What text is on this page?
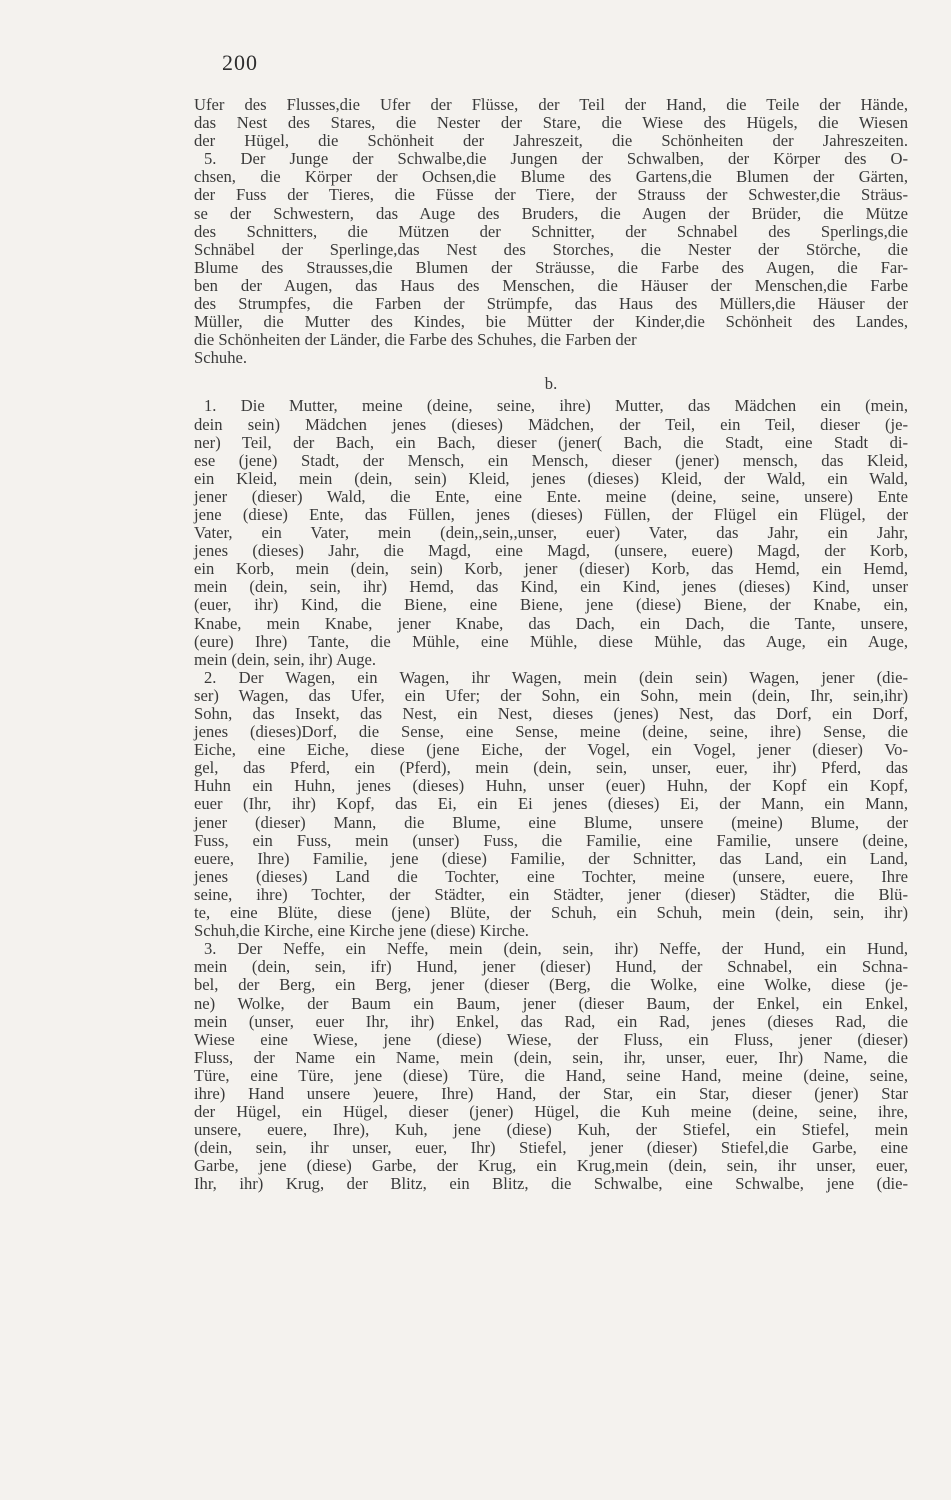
200
Ufer des Flusses,die Ufer der Flüsse, der Teil der Hand, die Teile der Hände,
das Nest des Stares, die Nester der Stare, die Wiese des Hügels, die Wiesen
der Hügel, die Schönheit der Jahreszeit, die Schönheiten der Jahreszeiten.
5. Der Junge der Schwalbe,die Jungen der Schwalben, der Körper des O-
chsen, die Körper der Ochsen,die Blume des Gartens,die Blumen der Gärten,
der Fuss der Tieres, die Füsse der Tiere, der Strauss der Schwester,die Sträus-
se der Schwestern, das Auge des Bruders, die Augen der Brüder, die Mütze
des Schnitters, die Mützen der Schnitter, der Schnabel des Sperlings,die
Schnäbel der Sperlinge,das Nest des Storches, die Nester der Störche, die
Blume des Strausses,die Blumen der Sträusse, die Farbe des Augen, die Far-
ben der Augen, das Haus des Menschen, die Häuser der Menschen,die Farbe
des Strumpfes, die Farben der Strümpfe, das Haus des Müllers,die Häuser der
Müller, die Mutter des Kindes, bie Mütter der Kinder,die Schönheit des Landes,
die Schönheiten der Länder, die Farbe des Schuhes, die Farben der
Schuhe.
b.
1. Die Mutter, meine (deine, seine, ihre) Mutter, das Mädchen ein (mein,
dein sein) Mädchen jenes (dieses) Mädchen, der Teil, ein Teil, dieser (je-
ner) Teil, der Bach, ein Bach, dieser (jener( Bach, die Stadt, eine Stadt di-
ese (jene) Stadt, der Mensch, ein Mensch, dieser (jener) mensch, das Kleid,
ein Kleid, mein (dein, sein) Kleid, jenes (dieses) Kleid, der Wald, ein Wald,
jener (dieser) Wald, die Ente, eine Ente. meine (deine, seine, unsere) Ente
jene (diese) Ente, das Füllen, jenes (dieses) Füllen, der Flügel ein Flügel, der
Vater, ein Vater, mein (dein,,sein,,unser, euer) Vater, das Jahr, ein Jahr,
jenes (dieses) Jahr, die Magd, eine Magd, (unsere, euere) Magd, der Korb,
ein Korb, mein (dein, sein) Korb, jener (dieser) Korb, das Hemd, ein Hemd,
mein (dein, sein, ihr) Hemd, das Kind, ein Kind, jenes (dieses) Kind, unser
(euer, ihr) Kind, die Biene, eine Biene, jene (diese) Biene, der Knabe, ein,
Knabe, mein Knabe, jener Knabe, das Dach, ein Dach, die Tante, unsere,
(eure) Ihre) Tante, die Mühle, eine Mühle, diese Mühle, das Auge, ein Auge,
mein (dein, sein, ihr) Auge.
2. Der Wagen, ein Wagen, ihr Wagen, mein (dein sein) Wagen, jener (die-
ser) Wagen, das Ufer, ein Ufer; der Sohn, ein Sohn, mein (dein, Ihr, sein,ihr)
Sohn, das Insekt, das Nest, ein Nest, dieses (jenes) Nest, das Dorf, ein Dorf,
jenes (dieses)Dorf, die Sense, eine Sense, meine (deine, seine, ihre) Sense, die
Eiche, eine Eiche, diese (jene Eiche, der Vogel, ein Vogel, jener (dieser) Vo-
gel, das Pferd, ein (Pferd), mein (dein, sein, unser, euer, ihr) Pferd, das
Huhn ein Huhn, jenes (dieses) Huhn, unser (euer) Huhn, der Kopf ein Kopf,
euer (Ihr, ihr) Kopf, das Ei, ein Ei jenes (dieses) Ei, der Mann, ein Mann,
jener (dieser) Mann, die Blume, eine Blume, unsere (meine) Blume, der
Fuss, ein Fuss, mein (unser) Fuss, die Familie, eine Familie, unsere (deine,
euere, Ihre) Familie, jene (diese) Familie, der Schnitter, das Land, ein Land,
jenes (dieses) Land die Tochter, eine Tochter, meine (unsere, euere, Ihre
seine, ihre) Tochter, der Städter, ein Städter, jener (dieser) Städter, die Blü-
te, eine Blüte, diese (jene) Blüte, der Schuh, ein Schuh, mein (dein, sein, ihr)
Schuh,die Kirche, eine Kirche jene (diese) Kirche.
3. Der Neffe, ein Neffe, mein (dein, sein, ihr) Neffe, der Hund, ein Hund,
mein (dein, sein, ifr) Hund, jener (dieser) Hund, der Schnabel, ein Schna-
bel, der Berg, ein Berg, jener (dieser (Berg, die Wolke, eine Wolke, diese (je-
ne) Wolke, der Baum ein Baum, jener (dieser Baum, der Enkel, ein Enkel,
mein (unser, euer Ihr, ihr) Enkel, das Rad, ein Rad, jenes (dieses Rad, die
Wiese eine Wiese, jene (diese) Wiese, der Fluss, ein Fluss, jener (dieser)
Fluss, der Name ein Name, mein (dein, sein, ihr, unser, euer, Ihr) Name, die
Türe, eine Türe, jene (diese) Türe, die Hand, seine Hand, meine (deine, seine,
ihre) Hand unsere )euere, Ihre) Hand, der Star, ein Star, dieser (jener) Star
der Hügel, ein Hügel, dieser (jener) Hügel, die Kuh meine (deine, seine, ihre,
unsere, euere, Ihre), Kuh, jene (diese) Kuh, der Stiefel, ein Stiefel, mein
(dein, sein, ihr unser, euer, Ihr) Stiefel, jener (dieser) Stiefel,die Garbe, eine
Garbe, jene (diese) Garbe, der Krug, ein Krug,mein (dein, sein, ihr unser, euer,
Ihr, ihr) Krug, der Blitz, ein Blitz, die Schwalbe, eine Schwalbe, jene (die-
